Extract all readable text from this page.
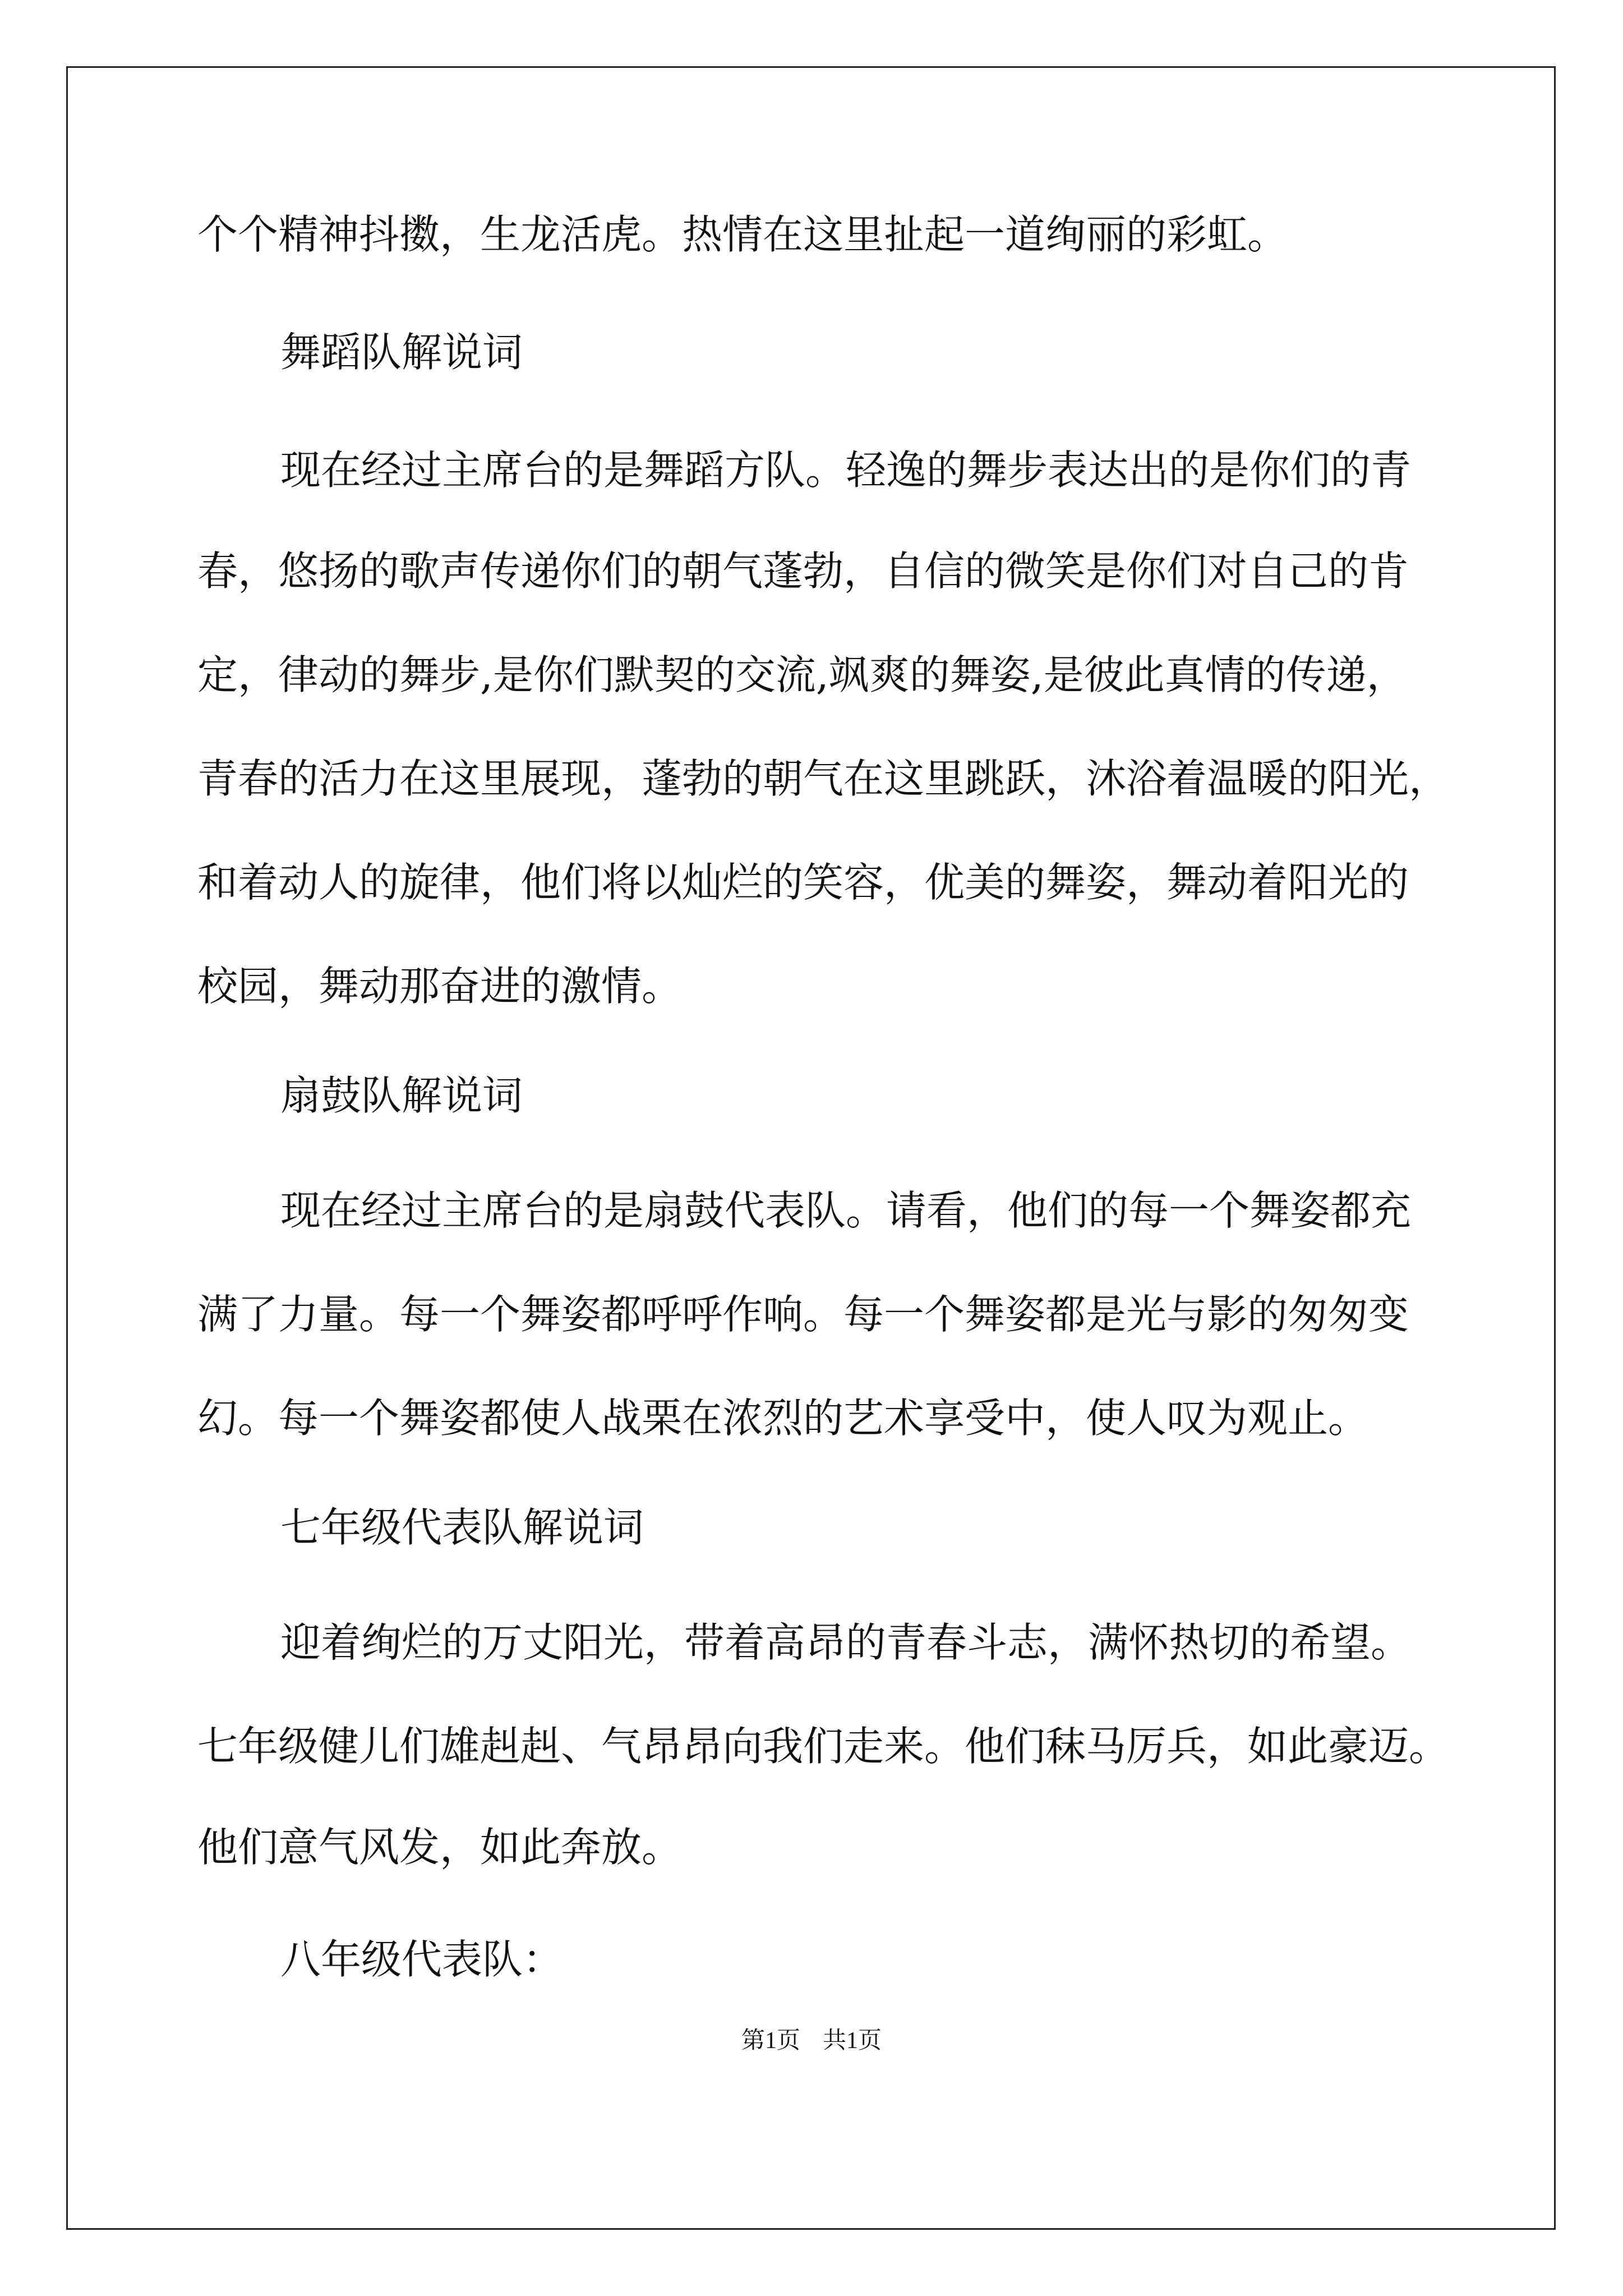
个个精神抖擞，生龙活虎。热情在这里扯起一道绚丽的彩虹。

舞蹈队解说词

现在经过主席台的是舞蹈方队。轻逸的舞步表达出的是你们的青

春，悠扬的歌声传递你们的朝气蓬勃，自信的微笑是你们对自己的肯

定，律动的舞步,是你们默契的交流,飒爽的舞姿,是彼此真情的传递，

青春的活力在这里展现，蓬勃的朝气在这里跳跃，沐浴着温暖的阳光，

和着动人的旋律，他们将以灿烂的笑容，优美的舞姿，舞动着阳光的

校园，舞动那奋进的激情。

扇鼓队解说词

现在经过主席台的是扇鼓代表队。请看，他们的每一个舞姿都充

满了力量。每一个舞姿都呼呼作响。每一个舞姿都是光与影的匆匆变

幻。每一个舞姿都使人战栗在浓烈的艺术享受中，使人叹为观止。

七年级代表队解说词

迎着绚烂的万丈阳光，带着高昂的青春斗志，满怀热切的希望。

七年级健儿们雄赳赳、气昂昂向我们走来。他们秣马厉兵，如此豪迈。

他们意气风发，如此奔放。

八年级代表队：

第1页 共1页
